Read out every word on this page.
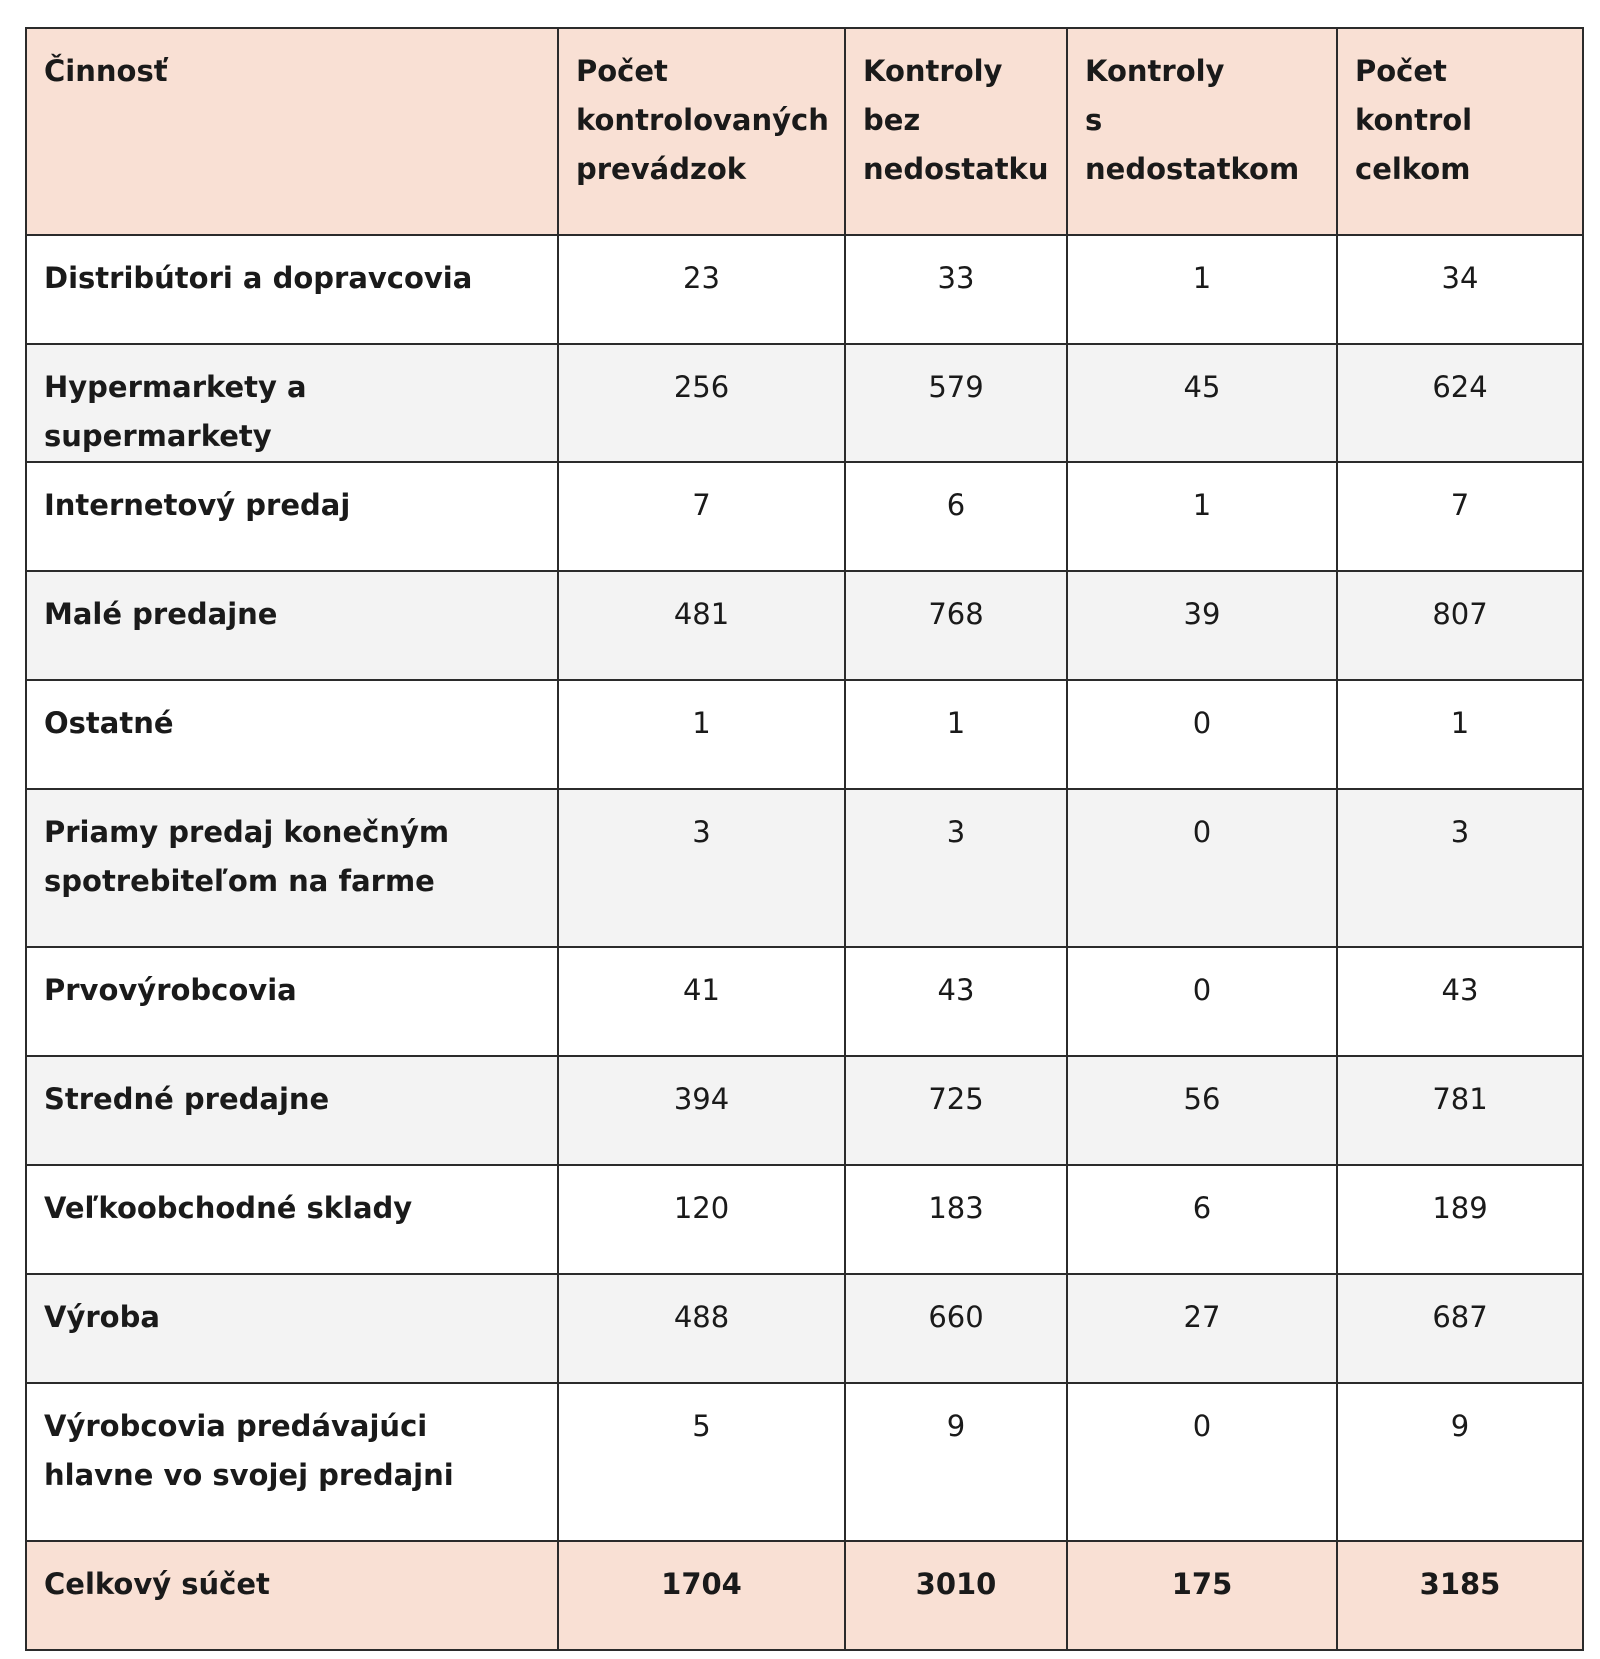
Činnosť	Počet
kontrolovaných
prevádzok	Kontroly
bez
nedostatku	Kontroly
s nedostatkom	Počet kontrol
celkom
Distribútori a dopravcovia	23	33	1	34
Hypermarkety a supermarkety	256	579	45	624
Internetový predaj	7	6	1	7
Malé predajne	481	768	39	807
Ostatné	1	1	0	1
Priamy predaj konečným spotrebiteľom na farme	3	3	0	3
Prvovýrobcovia	41	43	0	43
Stredné predajne	394	725	56	781
Veľkoobchodné sklady	120	183	6	189
Výroba	488	660	27	687
Výrobcovia predávajúci hlavne vo svojej predajni	5	9	0	9
Celkový súčet	1704	3010	175	3185
